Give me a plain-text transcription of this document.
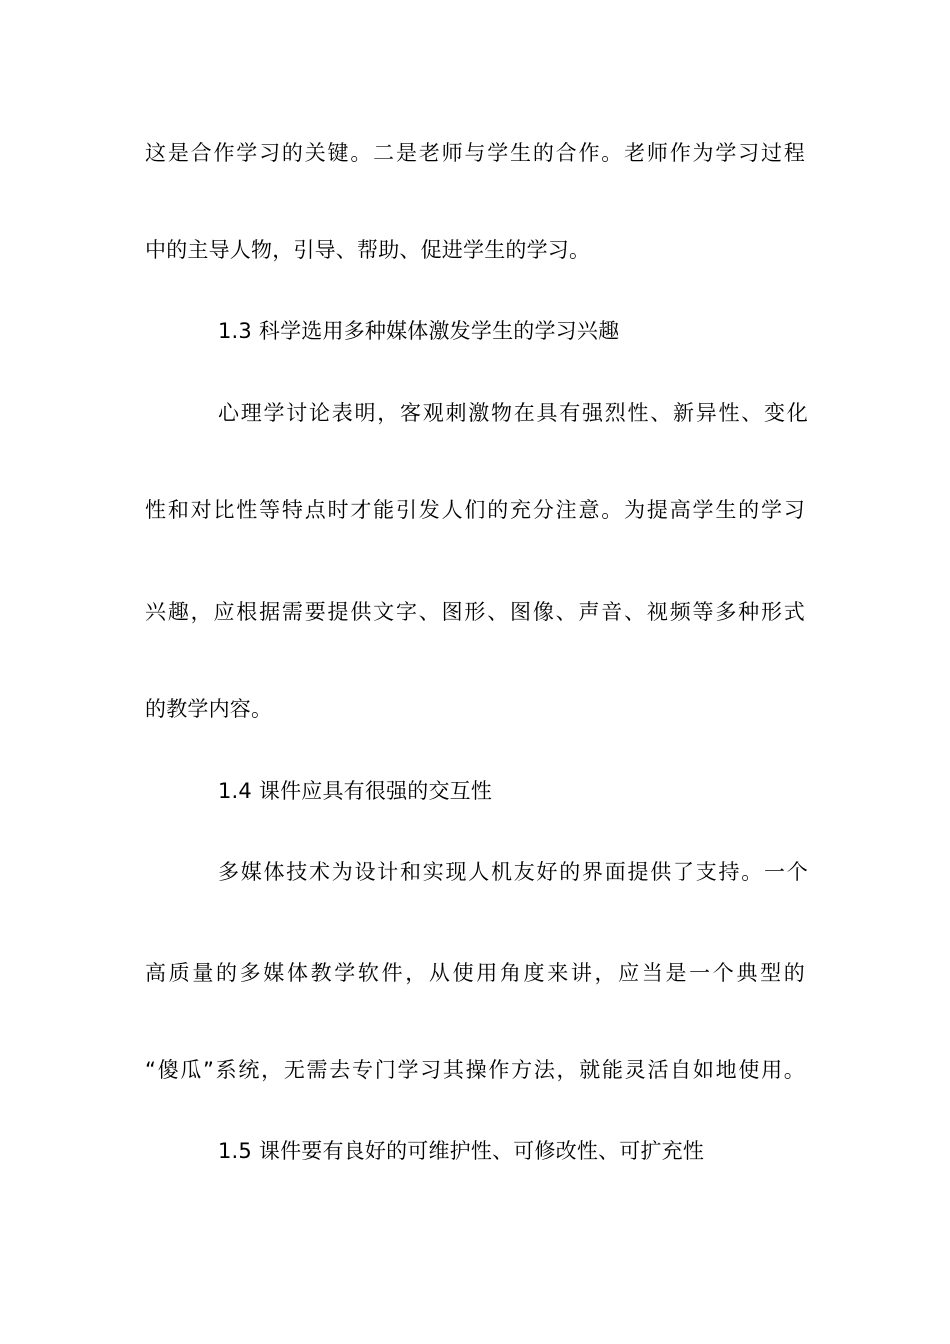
这是合作学习的关键。二是老师与学生的合作。老师作为学习过程
中的主导人物，引导、帮助、促进学生的学习。
1.3 科学选用多种媒体激发学生的学习兴趣
心理学讨论表明，客观刺激物在具有强烈性、新异性、变化
性和对比性等特点时才能引发人们的充分注意。为提高学生的学习
兴趣，应根据需要提供文字、图形、图像、声音、视频等多种形式
的教学内容。
1.4 课件应具有很强的交互性
多媒体技术为设计和实现人机友好的界面提供了支持。一个
高质量的多媒体教学软件，从使用角度来讲，应当是一个典型的
“傻瓜”系统，无需去专门学习其操作方法，就能灵活自如地使用。
1.5 课件要有良好的可维护性、可修改性、可扩充性
